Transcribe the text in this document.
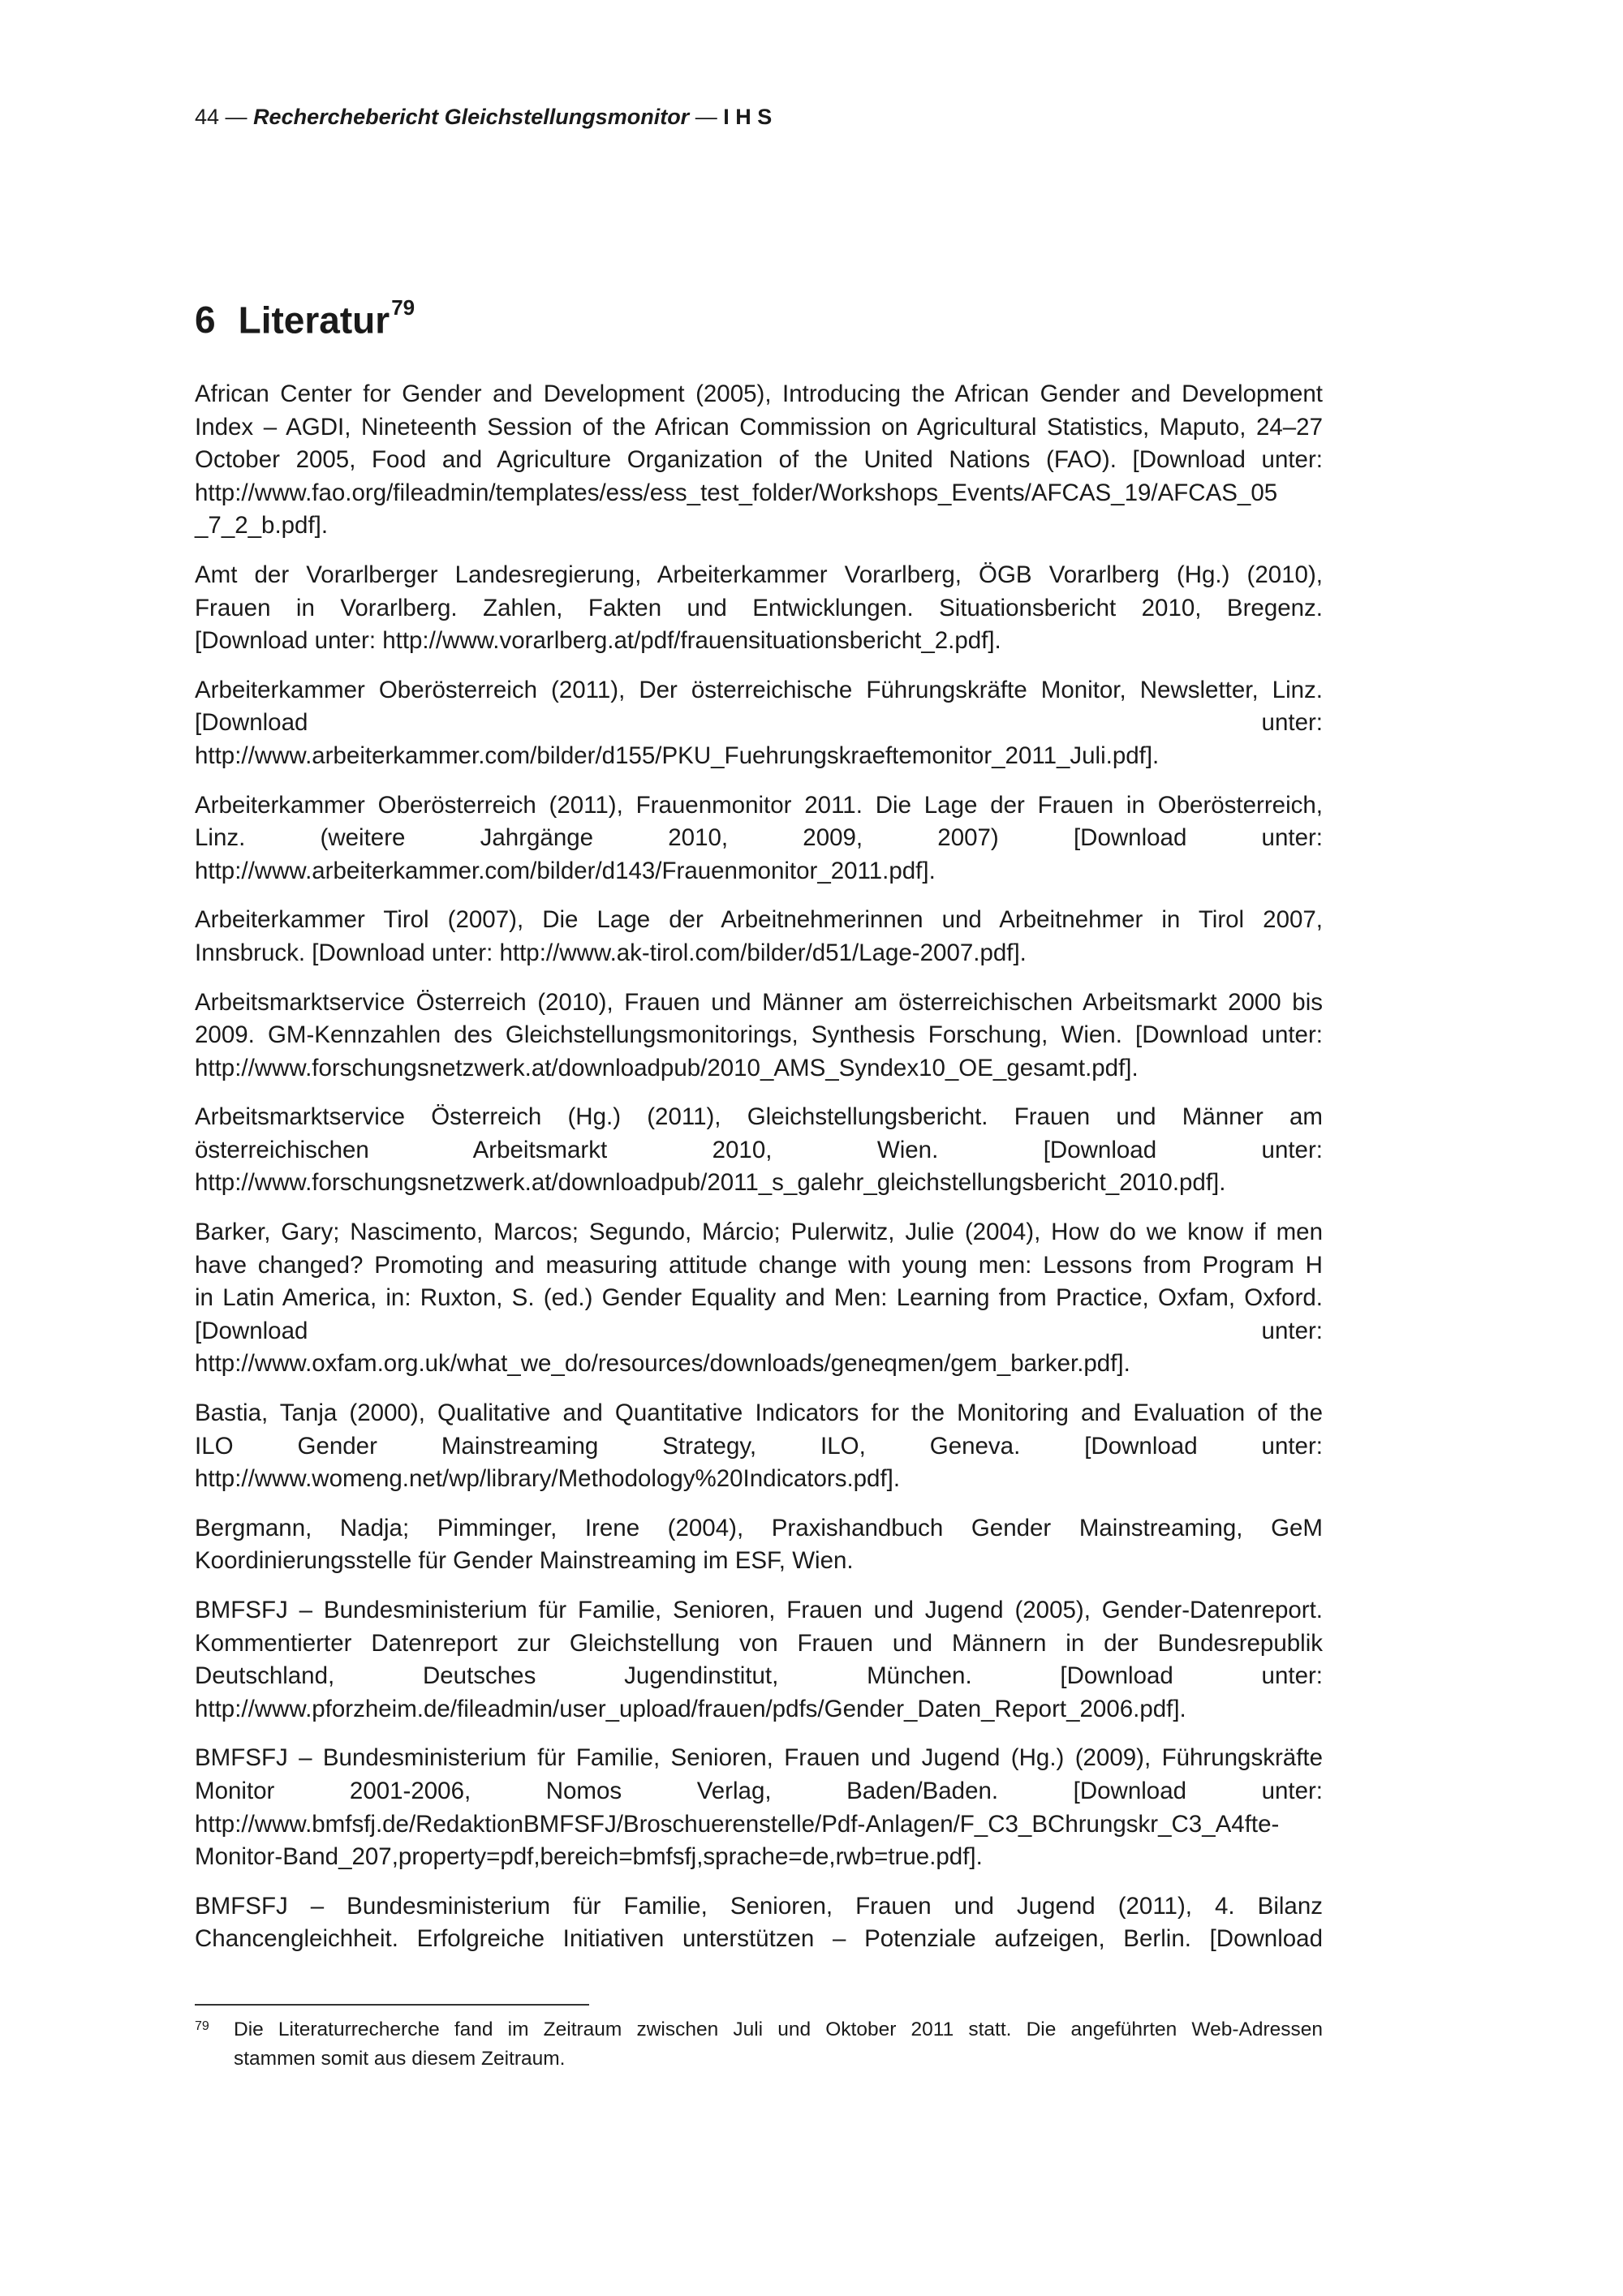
44 — Recherchebericht Gleichstellungsmonitor — I H S
6 Literatur$^{79}$

African Center for Gender and Development (2005), Introducing the African Gender and Development
Index – AGDI, Nineteenth Session of the African Commission on Agricultural Statistics, Maputo, 24–27
October 2005, Food and Agriculture Organization of the United Nations (FAO). [Download unter:
http://www.fao.org/fileadmin/templates/ess/ess_test_folder/Workshops_Events/AFCAS_19/AFCAS_05
_7_2_b.pdf].

Amt der Vorarlberger Landesregierung, Arbeiterkammer Vorarlberg, ÖGB Vorarlberg (Hg.) (2010),
Frauen in Vorarlberg. Zahlen, Fakten und Entwicklungen. Situationsbericht 2010, Bregenz.
[Download unter: http://www.vorarlberg.at/pdf/frauensituationsbericht_2.pdf].

Arbeiterkammer Oberösterreich (2011), Der österreichische Führungskräfte Monitor, Newsletter, Linz.
[Download unter:
http://www.arbeiterkammer.com/bilder/d155/PKU_Fuehrungskraeftemonitor_2011_Juli.pdf].

Arbeiterkammer Oberösterreich (2011), Frauenmonitor 2011. Die Lage der Frauen in Oberösterreich,
Linz. (weitere Jahrgänge 2010, 2009, 2007) [Download unter:
http://www.arbeiterkammer.com/bilder/d143/Frauenmonitor_2011.pdf].

Arbeiterkammer Tirol (2007), Die Lage der Arbeitnehmerinnen und Arbeitnehmer in Tirol 2007,
Innsbruck. [Download unter: http://www.ak-tirol.com/bilder/d51/Lage-2007.pdf].

Arbeitsmarktservice Österreich (2010), Frauen und Männer am österreichischen Arbeitsmarkt 2000 bis
2009. GM-Kennzahlen des Gleichstellungsmonitorings, Synthesis Forschung, Wien. [Download unter:
http://www.forschungsnetzwerk.at/downloadpub/2010_AMS_Syndex10_OE_gesamt.pdf].

Arbeitsmarktservice Österreich (Hg.) (2011), Gleichstellungsbericht. Frauen und Männer am
österreichischen Arbeitsmarkt 2010, Wien. [Download unter:
http://www.forschungsnetzwerk.at/downloadpub/2011_s_galehr_gleichstellungsbericht_2010.pdf].

Barker, Gary; Nascimento, Marcos; Segundo, Márcio; Pulerwitz, Julie (2004), How do we know if men
have changed? Promoting and measuring attitude change with young men: Lessons from Program H
in Latin America, in: Ruxton, S. (ed.) Gender Equality and Men: Learning from Practice, Oxfam, Oxford.
[Download unter:
http://www.oxfam.org.uk/what_we_do/resources/downloads/geneqmen/gem_barker.pdf].

Bastia, Tanja (2000), Qualitative and Quantitative Indicators for the Monitoring and Evaluation of the
ILO Gender Mainstreaming Strategy, ILO, Geneva. [Download unter:
http://www.womeng.net/wp/library/Methodology%20Indicators.pdf].

Bergmann, Nadja; Pimminger, Irene (2004), Praxishandbuch Gender Mainstreaming, GeM
Koordinierungsstelle für Gender Mainstreaming im ESF, Wien.

BMFSFJ – Bundesministerium für Familie, Senioren, Frauen und Jugend (2005), Gender-Datenreport.
Kommentierter Datenreport zur Gleichstellung von Frauen und Männern in der Bundesrepublik
Deutschland, Deutsches Jugendinstitut, München. [Download unter:
http://www.pforzheim.de/fileadmin/user_upload/frauen/pdfs/Gender_Daten_Report_2006.pdf].

BMFSFJ – Bundesministerium für Familie, Senioren, Frauen und Jugend (Hg.) (2009), Führungskräfte
Monitor 2001-2006, Nomos Verlag, Baden/Baden. [Download unter:
http://www.bmfsfj.de/RedaktionBMFSFJ/Broschuerenstelle/Pdf-Anlagen/F_C3_BChrungskr_C3_A4fte-
Monitor-Band_207,property=pdf,bereich=bmfsfj,sprache=de,rwb=true.pdf].

BMFSFJ – Bundesministerium für Familie, Senioren, Frauen und Jugend (2011), 4. Bilanz
Chancengleichheit. Erfolgreiche Initiativen unterstützen – Potenziale aufzeigen, Berlin. [Download

79 Die Literaturrecherche fand im Zeitraum zwischen Juli und Oktober 2011 statt. Die angeführten Web-Adressen
stammen somit aus diesem Zeitraum.
